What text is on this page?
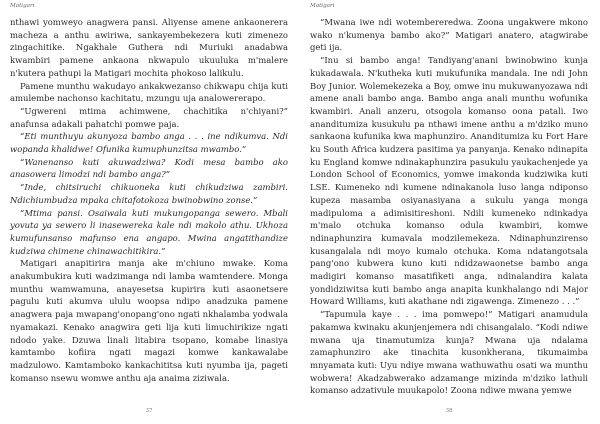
Matigari

nthawi yomweyo anagwera pansi. Aliyense amene ankaonerera macheza a anthu awiriwa, sankayembekezera kuti zimenezo zingachitike. Ngakhale Guthera ndi Muriuki anadabwa kwambiri pamene ankaona nkwapulo ukuuluka m'malere n'kutera pathupi la Matigari mochita phokoso lalikulu.

Pamene munthu wakudayo ankakwezanso chikwapu chija kuti amulembe nachonso kachitatu, mzungu uja analowererapo.

“Ugwereni mtima achimwene, chachitika n'chiyani?” anafunsa adakali pahatchi pomwe paja.

“Eti munthuyu akunyoza bambo anga . . . ine ndikumva. Ndi wopanda khalidwe! Ofunika kumuphunzitsa mwambo.”

“Wanenanso kuti akuwadziwa? Kodi mesa bambo ako anasowera limodzi ndi bambo anga?”

“Inde, chitsiruchi chikuoneka kuti chikudziwa zambiri. Ndichiumbudza mpaka chitafotokoza bwinobwino zonse.”

“Mtima pansi. Osaiwala kuti mukungopanga sewero. Mbali yovuta ya sewero li inasewereka kale ndi makolo athu. Ukhoza kumufunsanso mafunso ena angapo. Mwina angatithandize kudziwa chimene chinawachitikira.”

Matigari anapitirira manja ake m'chiuno mwake. Koma anakumbukira kuti wadzimanga ndi lamba wamtendere. Monga munthu wamwamuna, anayesetsa kupirira kuti asaonetsere pagulu kuti akumva ululu woopsa ndipo anadzuka pamene anagwera paja mwapang'onopang'ono ngati nkhalamba yodwala nyamakazi. Kenako anagwira geti lija kuti limuchirikize ngati ndodo yake. Dzuwa linali litabira tsopano, komabe linasiya kamtambo kofiira ngati magazi komwe kankawalabe madzulowo. Kamtamboko kankachititsa kuti nyumba ija, pageti komanso nsewu womwe anthu aja anaima ziziwala.

37
Matigari

“Mwana iwe ndi wotembereredwa. Zoona ungakwere mkono wako n'kumenya bambo ako?” Matigari anatero, atagwirabe geti ija.

“Inu si bambo anga! Tandiyang'anani bwinobwino kunja kukadawala. N'kutheka kuti mukufunika mandala. Ine ndi John Boy Junior. Wolemekezeka a Boy, omwe inu mukuwanyozawa ndi amene anali bambo anga. Bambo anga anali munthu wofunika kwambiri. Anali anzeru, otsogola komanso oona patali. Iwo ananditumiza kusukulu pa nthawi imene anthu a m'dziko muno sankaona kufunika kwa maphunziro. Ananditumiza ku Fort Hare ku South Africa kudzera pasitima ya panyanja. Kenako ndinapita ku England komwe ndinakaphunzira pasukulu yaukachenjede ya London School of Economics, yomwe imakonda kudziwika kuti LSE. Kumeneko ndi kumene ndinakanola luso langa ndiponso kupeza masamba osiyanasiyana a sukulu yanga monga madipuloma a adimisitireshoni. Ndili kumeneko ndinkadya m'malo otchuka komanso odula kwambiri, komwe ndinaphunzira kumavala modzilemekeza. Ndinaphunzirenso kusangalala ndi moyo kumalo otchuka. Koma ndatangotsala pang'ono kubwera kuno kuti ndidzawaonetse bambo anga madigiri komanso masatifiketi anga, ndinalandira kalata yondidziwitsa kuti bambo anga anapita kunkhalango ndi Major Howard Williams, kuti akathane ndi zigawenga. Zimenezo . . .”

“Tapumula kaye . . . ima pomwepo!” Matigari anamudula pakamwa kwinaku akunjenjemera ndi chisangalalo. “Kodi ndiwe mwana uja tinamutumiza kunja? Mwana uja ndalama zamaphunziro ake tinachita kusonkherana, tikumaimba mnyamata kuti: Uyu ndiye mwana wathuwathu osati wa munthu wobwera! Akadzabwerako adzamange mizinda m'dziko lathuli komanso adzativule muukapolo! Zoona ndiwe mwana yemwe

38
